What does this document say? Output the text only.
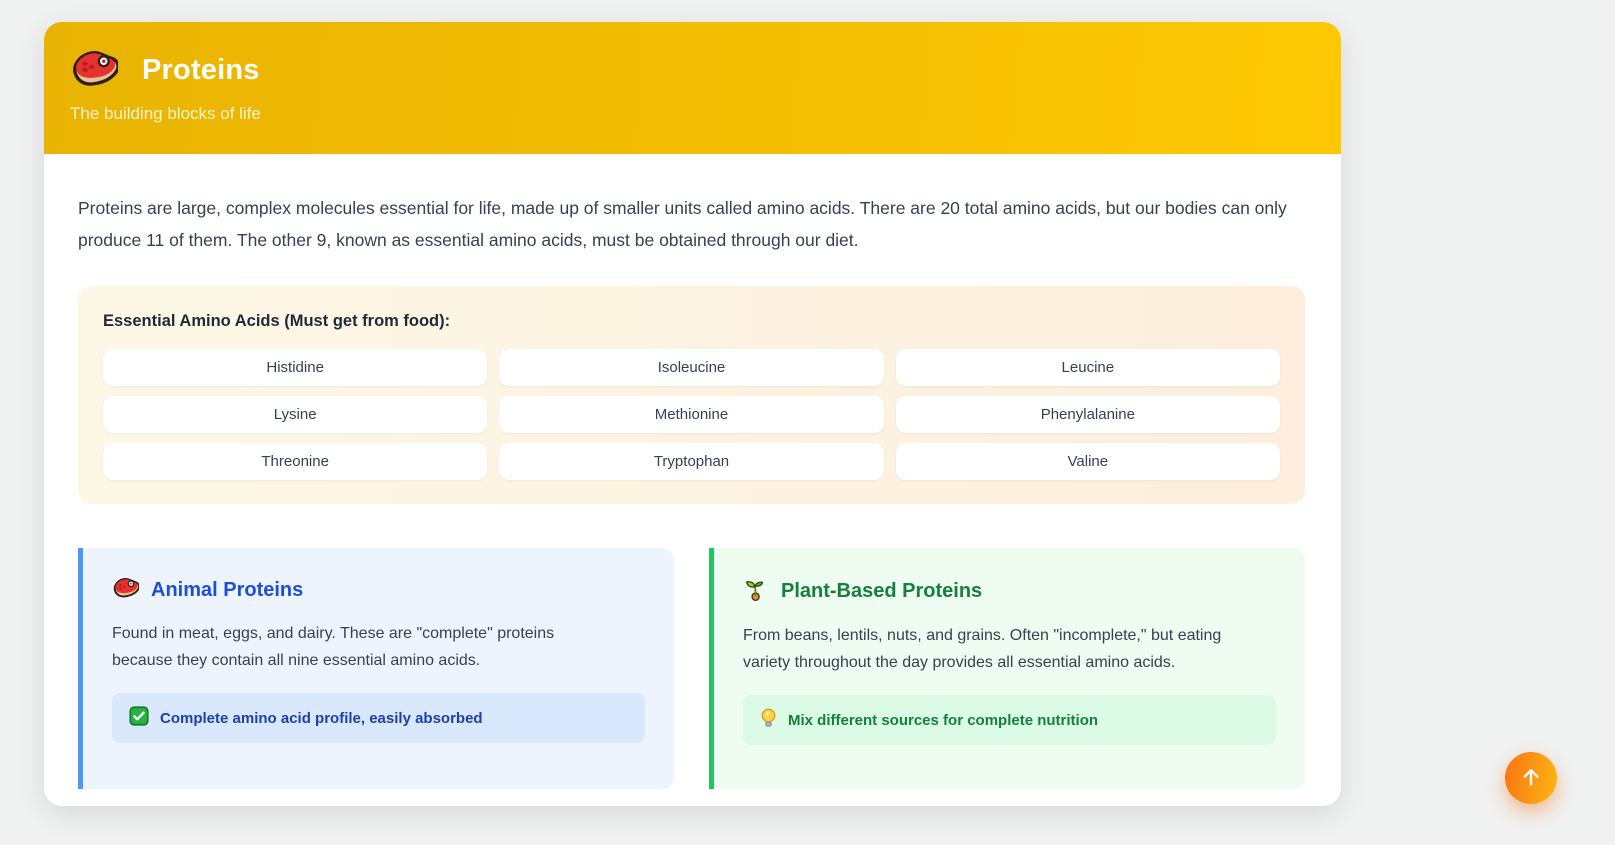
Proteins
The building blocks of life

Proteins are large, complex molecules essential for life, made up of smaller units called amino acids. There are 20 total amino acids, but our bodies can only produce 11 of them. The other 9, known as essential amino acids, must be obtained through our diet.

Essential Amino Acids (Must get from food):
Histidine	Isoleucine	Leucine
Lysine	Methionine	Phenylalanine
Threonine	Tryptophan	Valine
Animal Proteins

Found in meat, eggs, and dairy. These are "complete" proteins because they contain all nine essential amino acids.

Complete amino acid profile, easily absorbed
Plant-Based Proteins

From beans, lentils, nuts, and grains. Often "incomplete," but eating variety throughout the day provides all essential amino acids.

Mix different sources for complete nutrition
